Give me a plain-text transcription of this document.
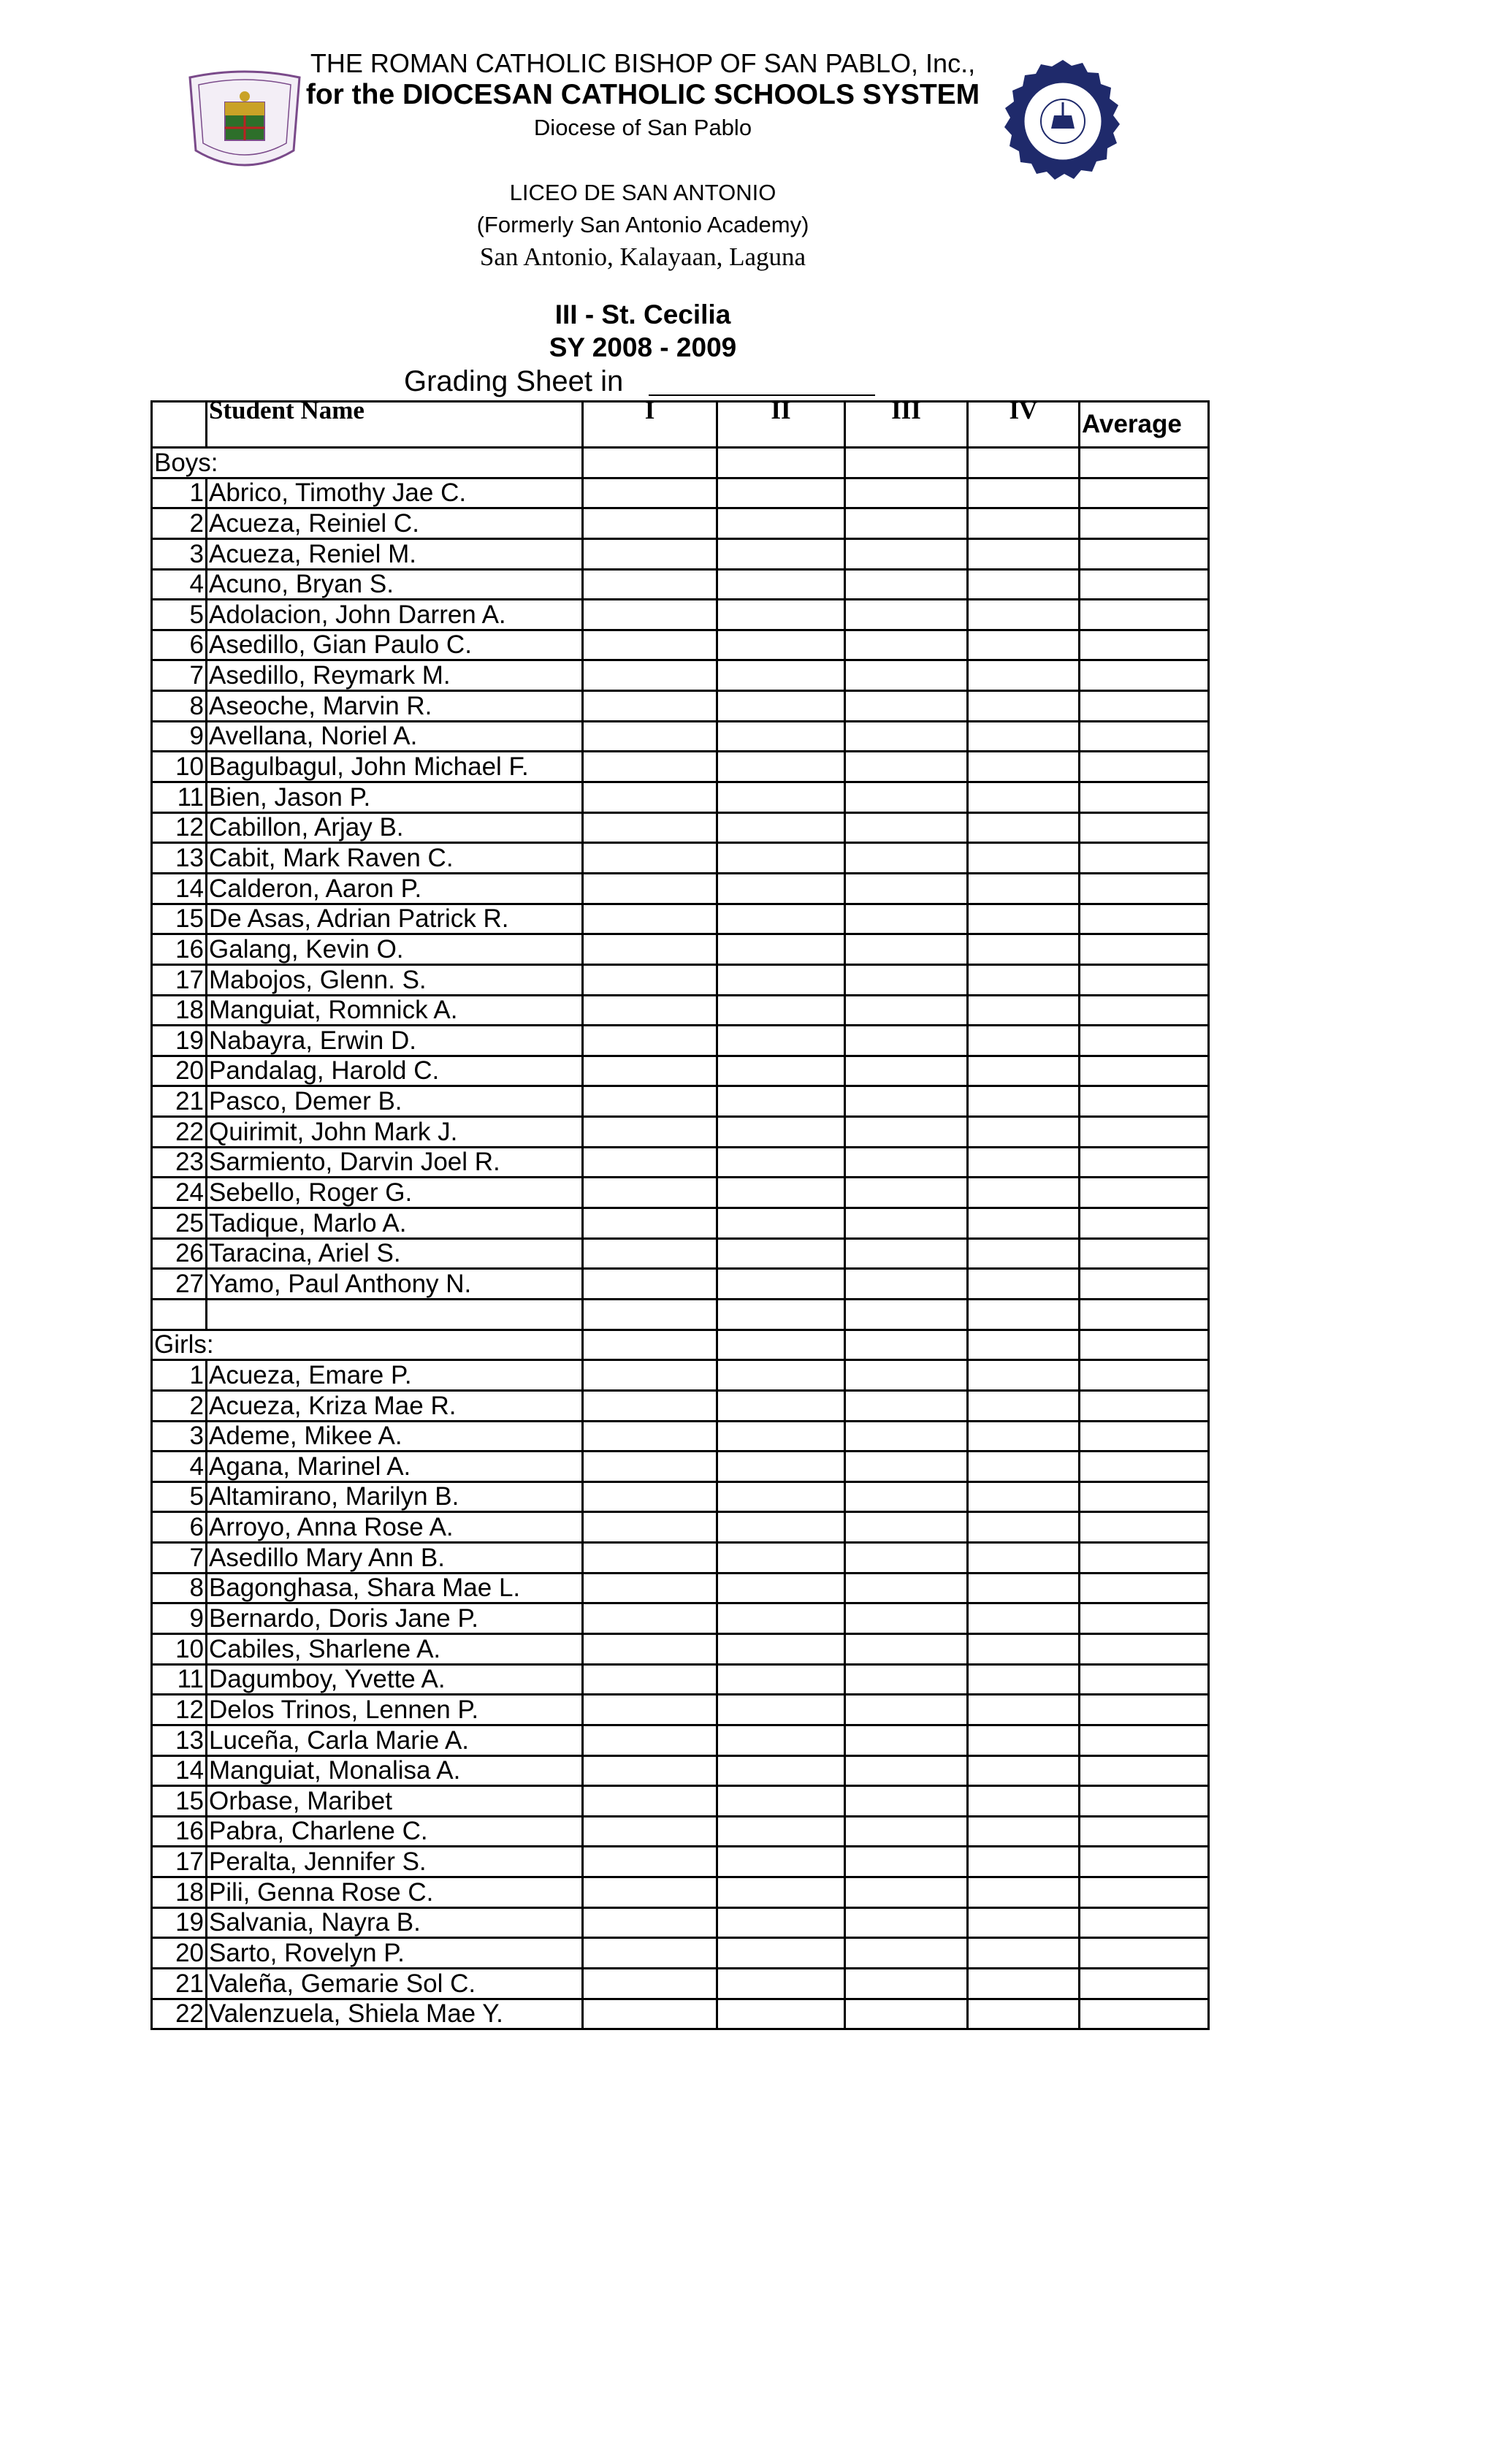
THE ROMAN CATHOLIC BISHOP OF SAN PABLO, Inc.,
for the DIOCESAN CATHOLIC SCHOOLS SYSTEM
Diocese of San Pablo
LICEO DE SAN ANTONIO
(Formerly San Antonio Academy)
San Antonio, Kalayaan, Laguna
III - St. Cecilia
SY 2008 - 2009
Grading Sheet in
	Student Name	I	II	III	IV	Average
Boys:						
1	Abrico, Timothy Jae C.					
2	Acueza, Reiniel C.					
3	Acueza, Reniel M.					
4	Acuno, Bryan S.					
5	Adolacion, John Darren A.					
6	Asedillo, Gian Paulo C.					
7	Asedillo, Reymark M.					
8	Aseoche, Marvin R.					
9	Avellana, Noriel A.					
10	Bagulbagul, John Michael F.					
11	Bien, Jason P.					
12	Cabillon, Arjay B.					
13	Cabit, Mark Raven C.					
14	Calderon, Aaron P.					
15	De Asas, Adrian Patrick R.					
16	Galang, Kevin O.					
17	Mabojos, Glenn. S.					
18	Manguiat, Romnick A.					
19	Nabayra, Erwin D.					
20	Pandalag, Harold C.					
21	Pasco, Demer B.					
22	Quirimit, John Mark J.					
23	Sarmiento, Darvin Joel R.					
24	Sebello, Roger G.					
25	Tadique, Marlo A.					
26	Taracina, Ariel S.					
27	Yamo, Paul Anthony N.					

Girls:						
1	Acueza, Emare P.					
2	Acueza, Kriza Mae R.					
3	Ademe, Mikee A.					
4	Agana, Marinel A.					
5	Altamirano, Marilyn B.					
6	Arroyo, Anna Rose A.					
7	Asedillo Mary Ann B.					
8	Bagonghasa, Shara Mae L.					
9	Bernardo, Doris Jane P.					
10	Cabiles, Sharlene A.					
11	Dagumboy, Yvette A.					
12	Delos Trinos, Lennen P.					
13	Luceña, Carla Marie A.					
14	Manguiat, Monalisa A.					
15	Orbase, Maribet					
16	Pabra, Charlene C.					
17	Peralta, Jennifer S.					
18	Pili, Genna Rose C.					
19	Salvania, Nayra B.					
20	Sarto, Rovelyn P.					
21	Valeña, Gemarie Sol C.					
22	Valenzuela, Shiela Mae Y.					
